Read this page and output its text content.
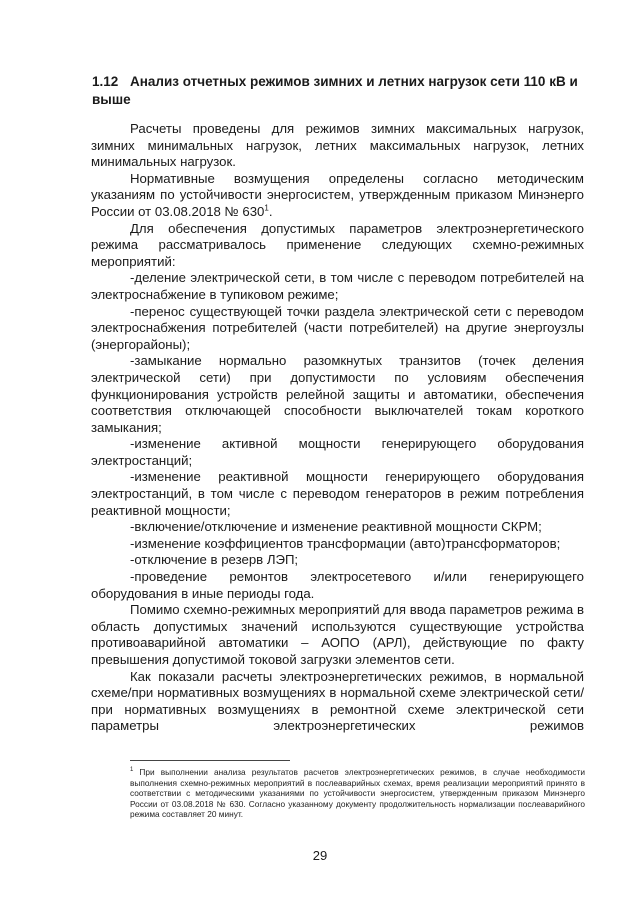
1.12 Анализ отчетных режимов зимних и летних нагрузок сети 110 кВ и выше

Расчеты проведены для режимов зимних максимальных нагрузок, зимних минимальных нагрузок, летних максимальных нагрузок, летних минимальных нагрузок.

Нормативные возмущения определены согласно методическим указаниям по устойчивости энергосистем, утвержденным приказом Минэнерго России от 03.08.2018 № 630$^1$.

Для обеспечения допустимых параметров электроэнергетического режима рассматривалось применение следующих схемно-режимных мероприятий:

-деление электрической сети, в том числе с переводом потребителей на электроснабжение в тупиковом режиме;

-перенос существующей точки раздела электрической сети с переводом электроснабжения потребителей (части потребителей) на другие энергоузлы (энергорайоны);

-замыкание нормально разомкнутых транзитов (точек деления электрической сети) при допустимости по условиям обеспечения функционирования устройств релейной защиты и автоматики, обеспечения соответствия отключающей способности выключателей токам короткого замыкания;

-изменение активной мощности генерирующего оборудования электростанций;

-изменение реактивной мощности генерирующего оборудования электростанций, в том числе с переводом генераторов в режим потребления реактивной мощности;

-включение/отключение и изменение реактивной мощности СКРМ;

-изменение коэффициентов трансформации (авто)трансформаторов;

-отключение в резерв ЛЭП;

-проведение ремонтов электросетевого и/или генерирующего оборудования в иные периоды года.

Помимо схемно-режимных мероприятий для ввода параметров режима в область допустимых значений используются существующие устройства противоаварийной автоматики – АОПО (АРЛ), действующие по факту превышения допустимой токовой загрузки элементов сети.

Как показали расчеты электроэнергетических режимов, в нормальной схеме/при нормативных возмущениях в нормальной схеме электрической сети/при нормативных возмущениях в ремонтной схеме электрической сети параметры электроэнергетических режимов

$^1$ При выполнении анализа результатов расчетов электроэнергетических режимов, в случае необходимости выполнения схемно-режимных мероприятий в послеаварийных схемах, время реализации мероприятий принято в соответствии с методическими указаниями по устойчивости энергосистем, утвержденным приказом Минэнерго России от 03.08.2018 № 630. Согласно указанному документу продолжительность нормализации послеаварийного режима составляет 20 минут.
29
